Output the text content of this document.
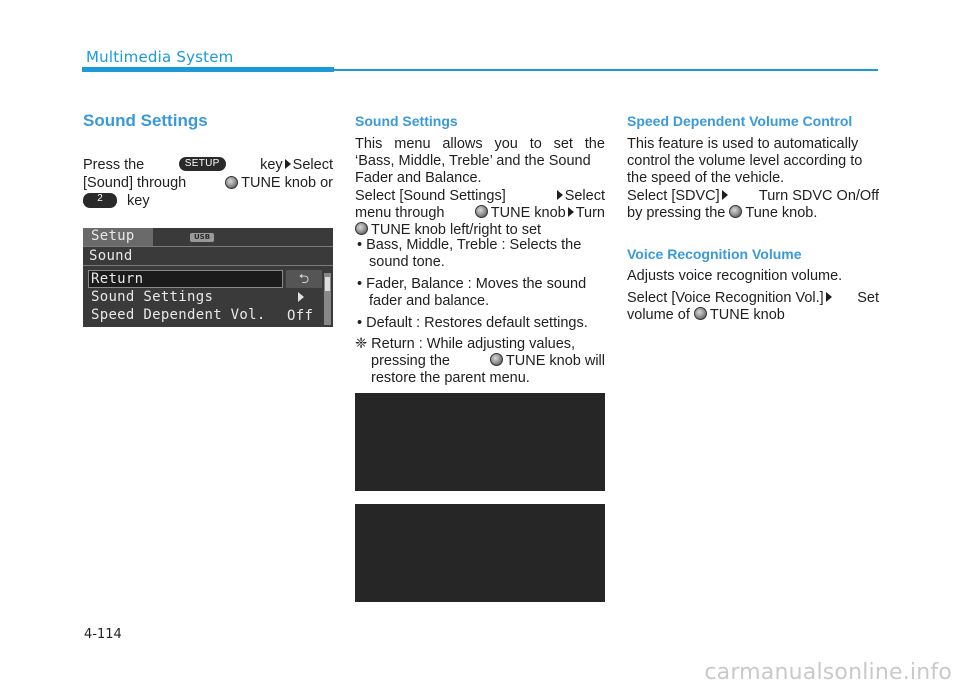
Multimedia System
Sound Settings
Press the	SETUP	key Select
[Sound] through	TUNE knob or
2	key
Setup	USB
Sound
Return	⮌
Sound Settings
Speed Dependent Vol. Off
Sound Settings
This menu allows you to set the
‘Bass, Middle, Treble’ and the Sound
Fader and Balance.
Select [Sound Settings]	Select
menu through	TUNE knob Turn
TUNE knob left/right to set
• Bass, Middle, Treble : Selects the
sound tone.
• Fader, Balance : Moves the sound
fader and balance.
• Default : Restores default settings.
❈ Return : While adjusting values,
pressing the	TUNE knob will
restore the parent menu.
Speed Dependent Volume Control
This feature is used to automatically
control the volume level according to
the speed of the vehicle.
Select [SDVC]	Turn SDVC On/Off
by pressing the Tune knob.
Voice Recognition Volume
Adjusts voice recognition volume.
Select [Voice Recognition Vol.]	Set
volume of TUNE knob
4-114
carmanualsonline.info
